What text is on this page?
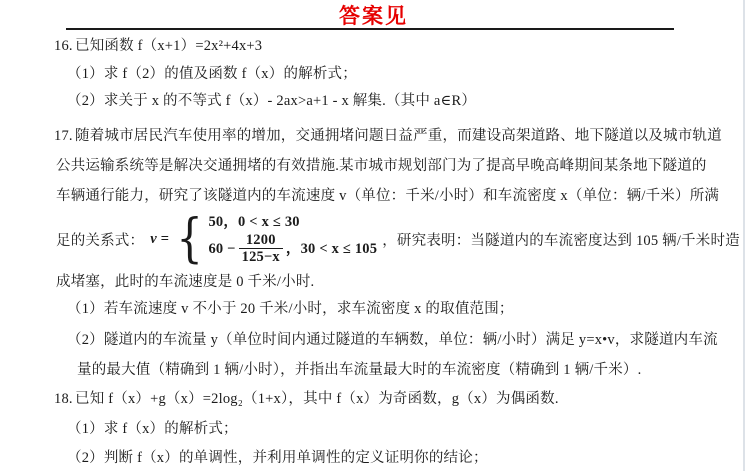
答案见
16. 已知函数 f（x+1）=2x²+4x+3
（1）求 f（2）的值及函数 f（x）的解析式；
（2）求关于 x 的不等式 f（x）- 2ax>a+1 - x 解集.（其中 a∈R）
17. 随着城市居民汽车使用率的增加，交通拥堵问题日益严重，而建设高架道路、地下隧道以及城市轨道
公共运输系统等是解决交通拥堵的有效措施.某市城市规划部门为了提高早晚高峰期间某条地下隧道的
车辆通行能力，研究了该隧道内的车流速度 v（单位：千米/小时）和车流密度 x（单位：辆/千米）所满
足的关系式： v = { 50，0 < x ≤ 30
$60 - \frac{1200}{125-x}$ ，30 < x ≤ 105 ，研究表明：当隧道内的车流密度达到 105 辆/千米时造
成堵塞，此时的车流速度是 0 千米/小时.
（1）若车流速度 v 不小于 20 千米/小时，求车流密度 x 的取值范围；
（2）隧道内的车流量 y（单位时间内通过隧道的车辆数，单位：辆/小时）满足 y=x•v，求隧道内车流
量的最大值（精确到 1 辆/小时），并指出车流量最大时的车流密度（精确到 1 辆/千米）.
18. 已知 f（x）+g（x）=2log₂（1+x），其中 f（x）为奇函数，g（x）为偶函数.
（1）求 f（x）的解析式；
（2）判断 f（x）的单调性，并利用单调性的定义证明你的结论；
